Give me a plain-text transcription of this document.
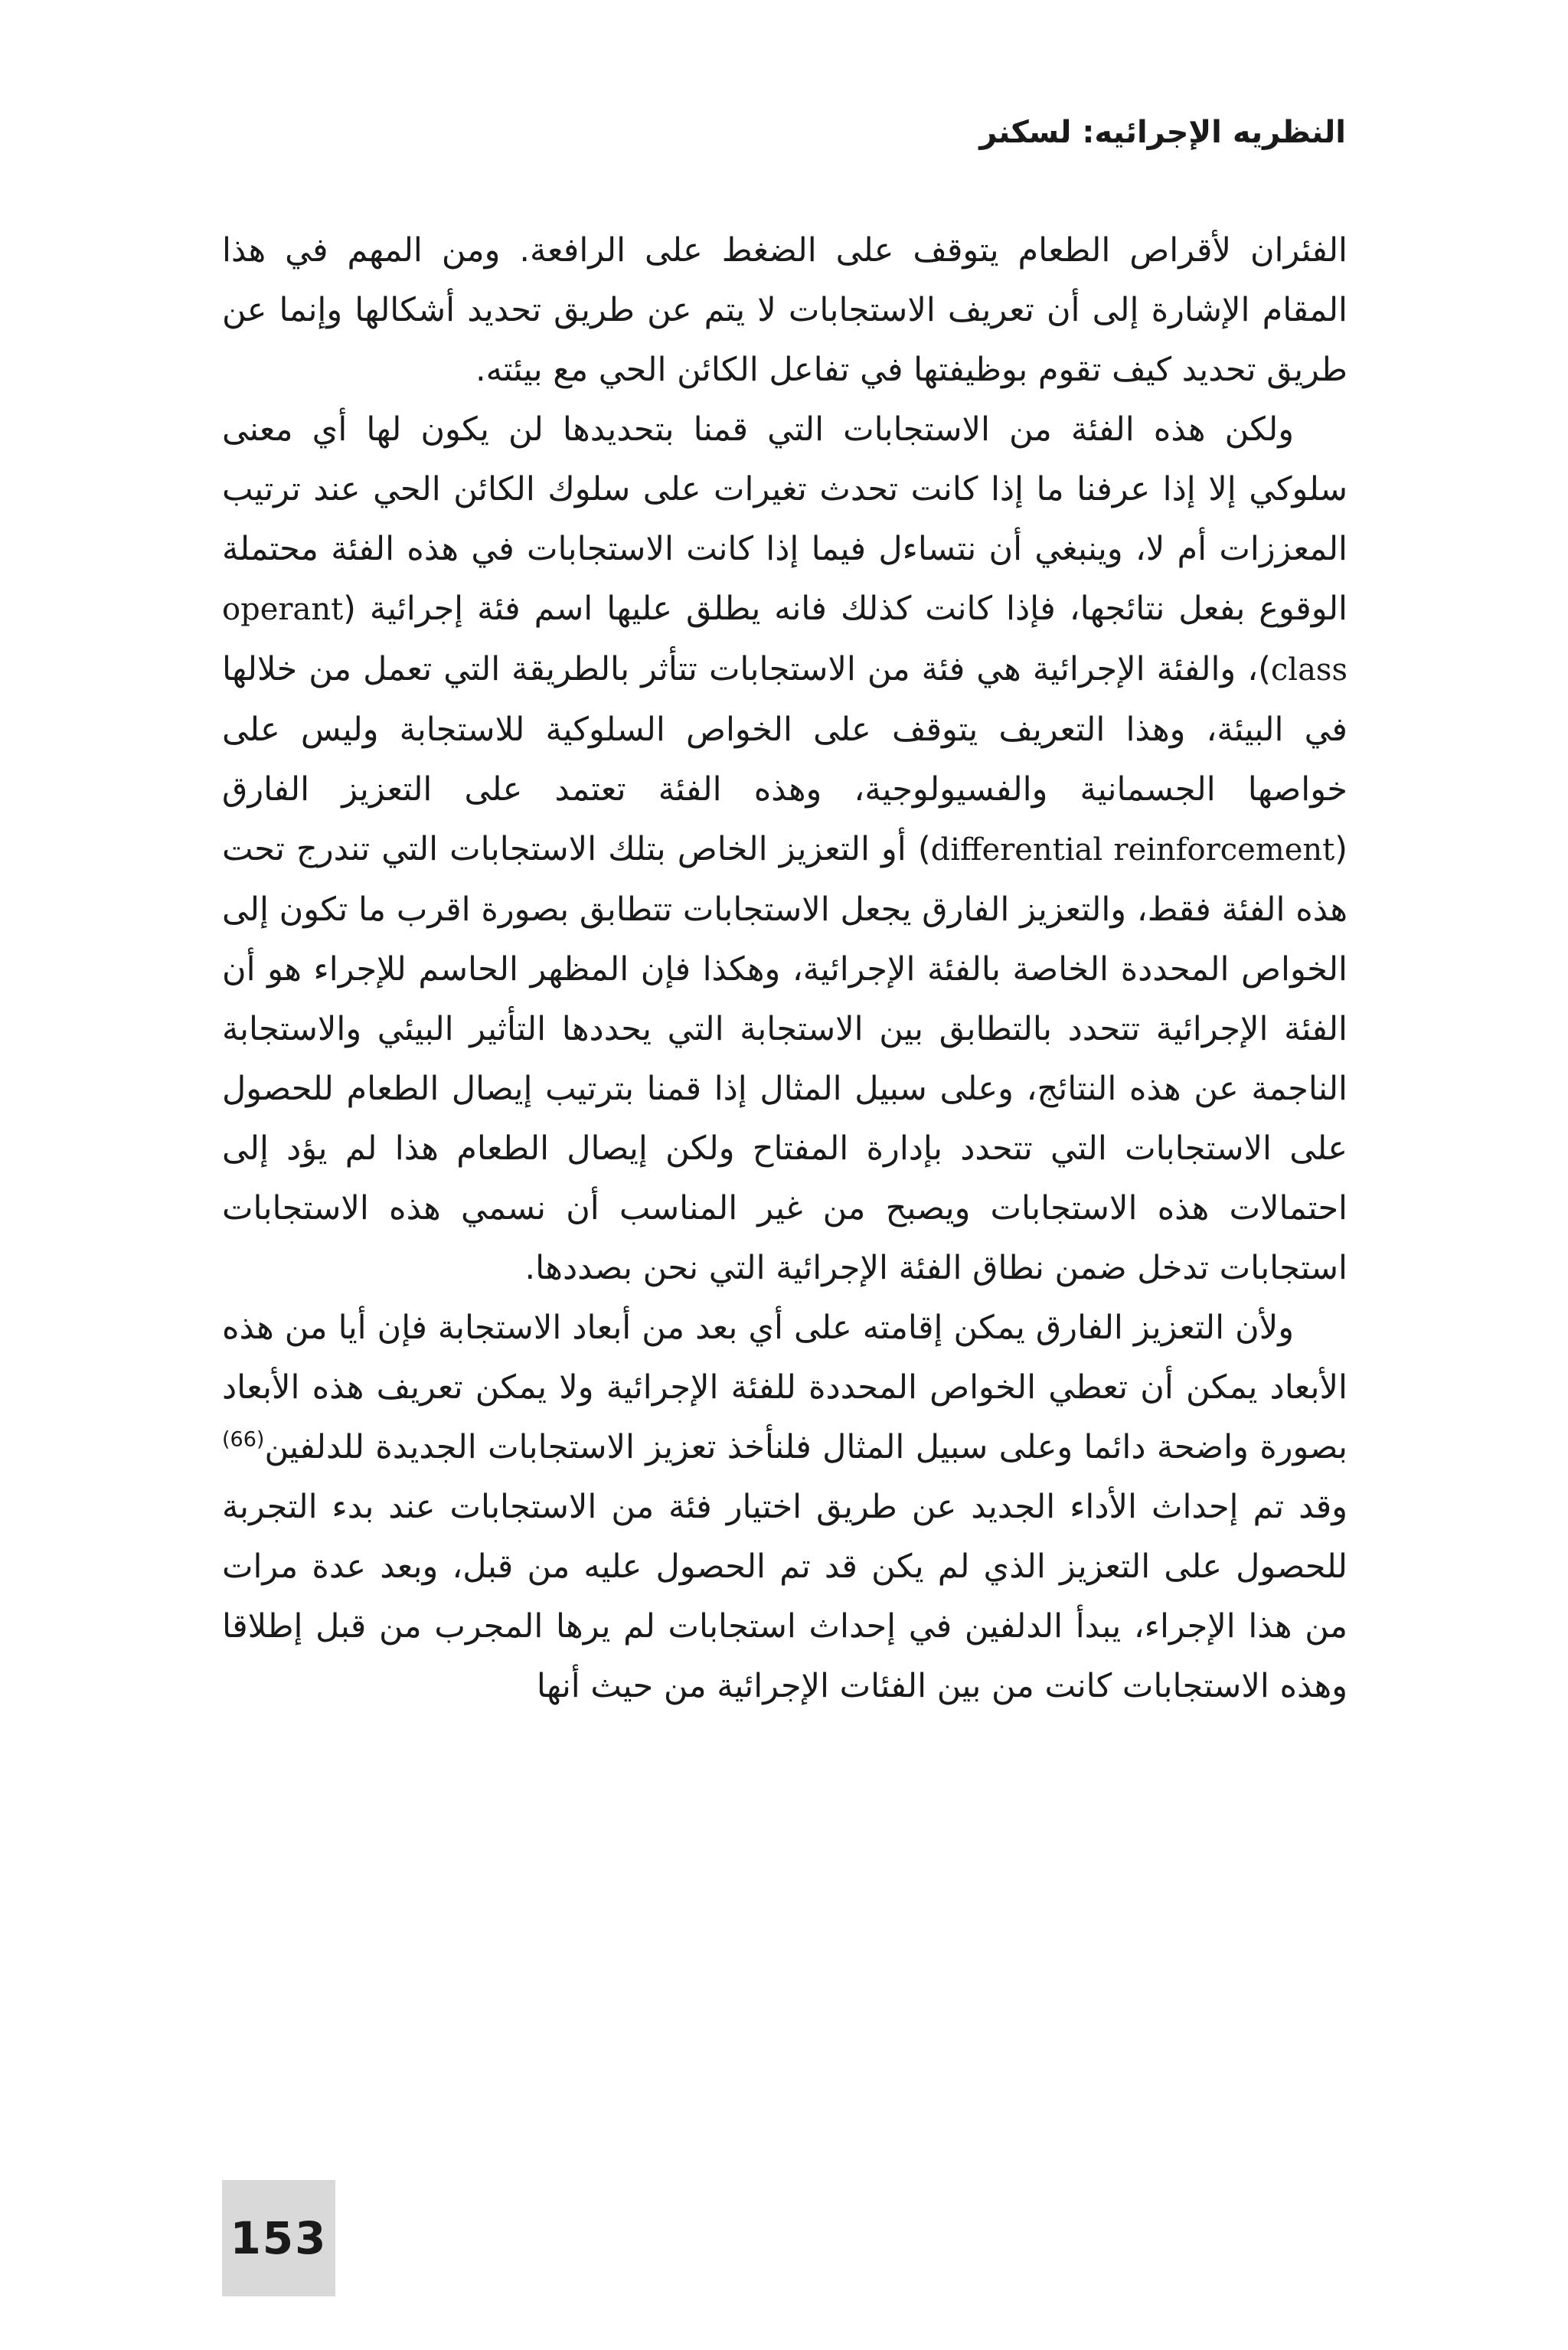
النظريه الإجرائيه: لسكنر

الفئران لأقراص الطعام يتوقف على الضغط على الرافعة. ومن المهم في هذا المقام الإشارة إلى أن تعريف الاستجابات لا يتم عن طريق تحديد أشكالها وإنما عن طريق تحديد كيف تقوم بوظيفتها في تفاعل الكائن الحي مع بيئته.

ولكن هذه الفئة من الاستجابات التي قمنا بتحديدها لن يكون لها أي معنى سلوكي إلا إذا عرفنا ما إذا كانت تحدث تغيرات على سلوك الكائن الحي عند ترتيب المعززات أم لا، وينبغي أن نتساءل فيما إذا كانت الاستجابات في هذه الفئة محتملة الوقوع بفعل نتائجها، فإذا كانت كذلك فانه يطلق عليها اسم فئة إجرائية (operant class)، والفئة الإجرائية هي فئة من الاستجابات تتأثر بالطريقة التي تعمل من خلالها في البيئة، وهذا التعريف يتوقف على الخواص السلوكية للاستجابة وليس على خواصها الجسمانية والفسيولوجية، وهذه الفئة تعتمد على التعزيز الفارق (differential reinforcement) أو التعزيز الخاص بتلك الاستجابات التي تندرج تحت هذه الفئة فقط، والتعزيز الفارق يجعل الاستجابات تتطابق بصورة اقرب ما تكون إلى الخواص المحددة الخاصة بالفئة الإجرائية، وهكذا فإن المظهر الحاسم للإجراء هو أن الفئة الإجرائية تتحدد بالتطابق بين الاستجابة التي يحددها التأثير البيئي والاستجابة الناجمة عن هذه النتائج، وعلى سبيل المثال إذا قمنا بترتيب إيصال الطعام للحصول على الاستجابات التي تتحدد بإدارة المفتاح ولكن إيصال الطعام هذا لم يؤد إلى احتمالات هذه الاستجابات ويصبح من غير المناسب أن نسمي هذه الاستجابات استجابات تدخل ضمن نطاق الفئة الإجرائية التي نحن بصددها.

ولأن التعزيز الفارق يمكن إقامته على أي بعد من أبعاد الاستجابة فإن أيا من هذه الأبعاد يمكن أن تعطي الخواص المحددة للفئة الإجرائية ولا يمكن تعريف هذه الأبعاد بصورة واضحة دائما وعلى سبيل المثال فلنأخذ تعزيز الاستجابات الجديدة للدلفين$^{(66)}$ وقد تم إحداث الأداء الجديد عن طريق اختيار فئة من الاستجابات عند بدء التجربة للحصول على التعزيز الذي لم يكن قد تم الحصول عليه من قبل، وبعد عدة مرات من هذا الإجراء، يبدأ الدلفين في إحداث استجابات لم يرها المجرب من قبل إطلاقا وهذه الاستجابات كانت من بين الفئات الإجرائية من حيث أنها

153
